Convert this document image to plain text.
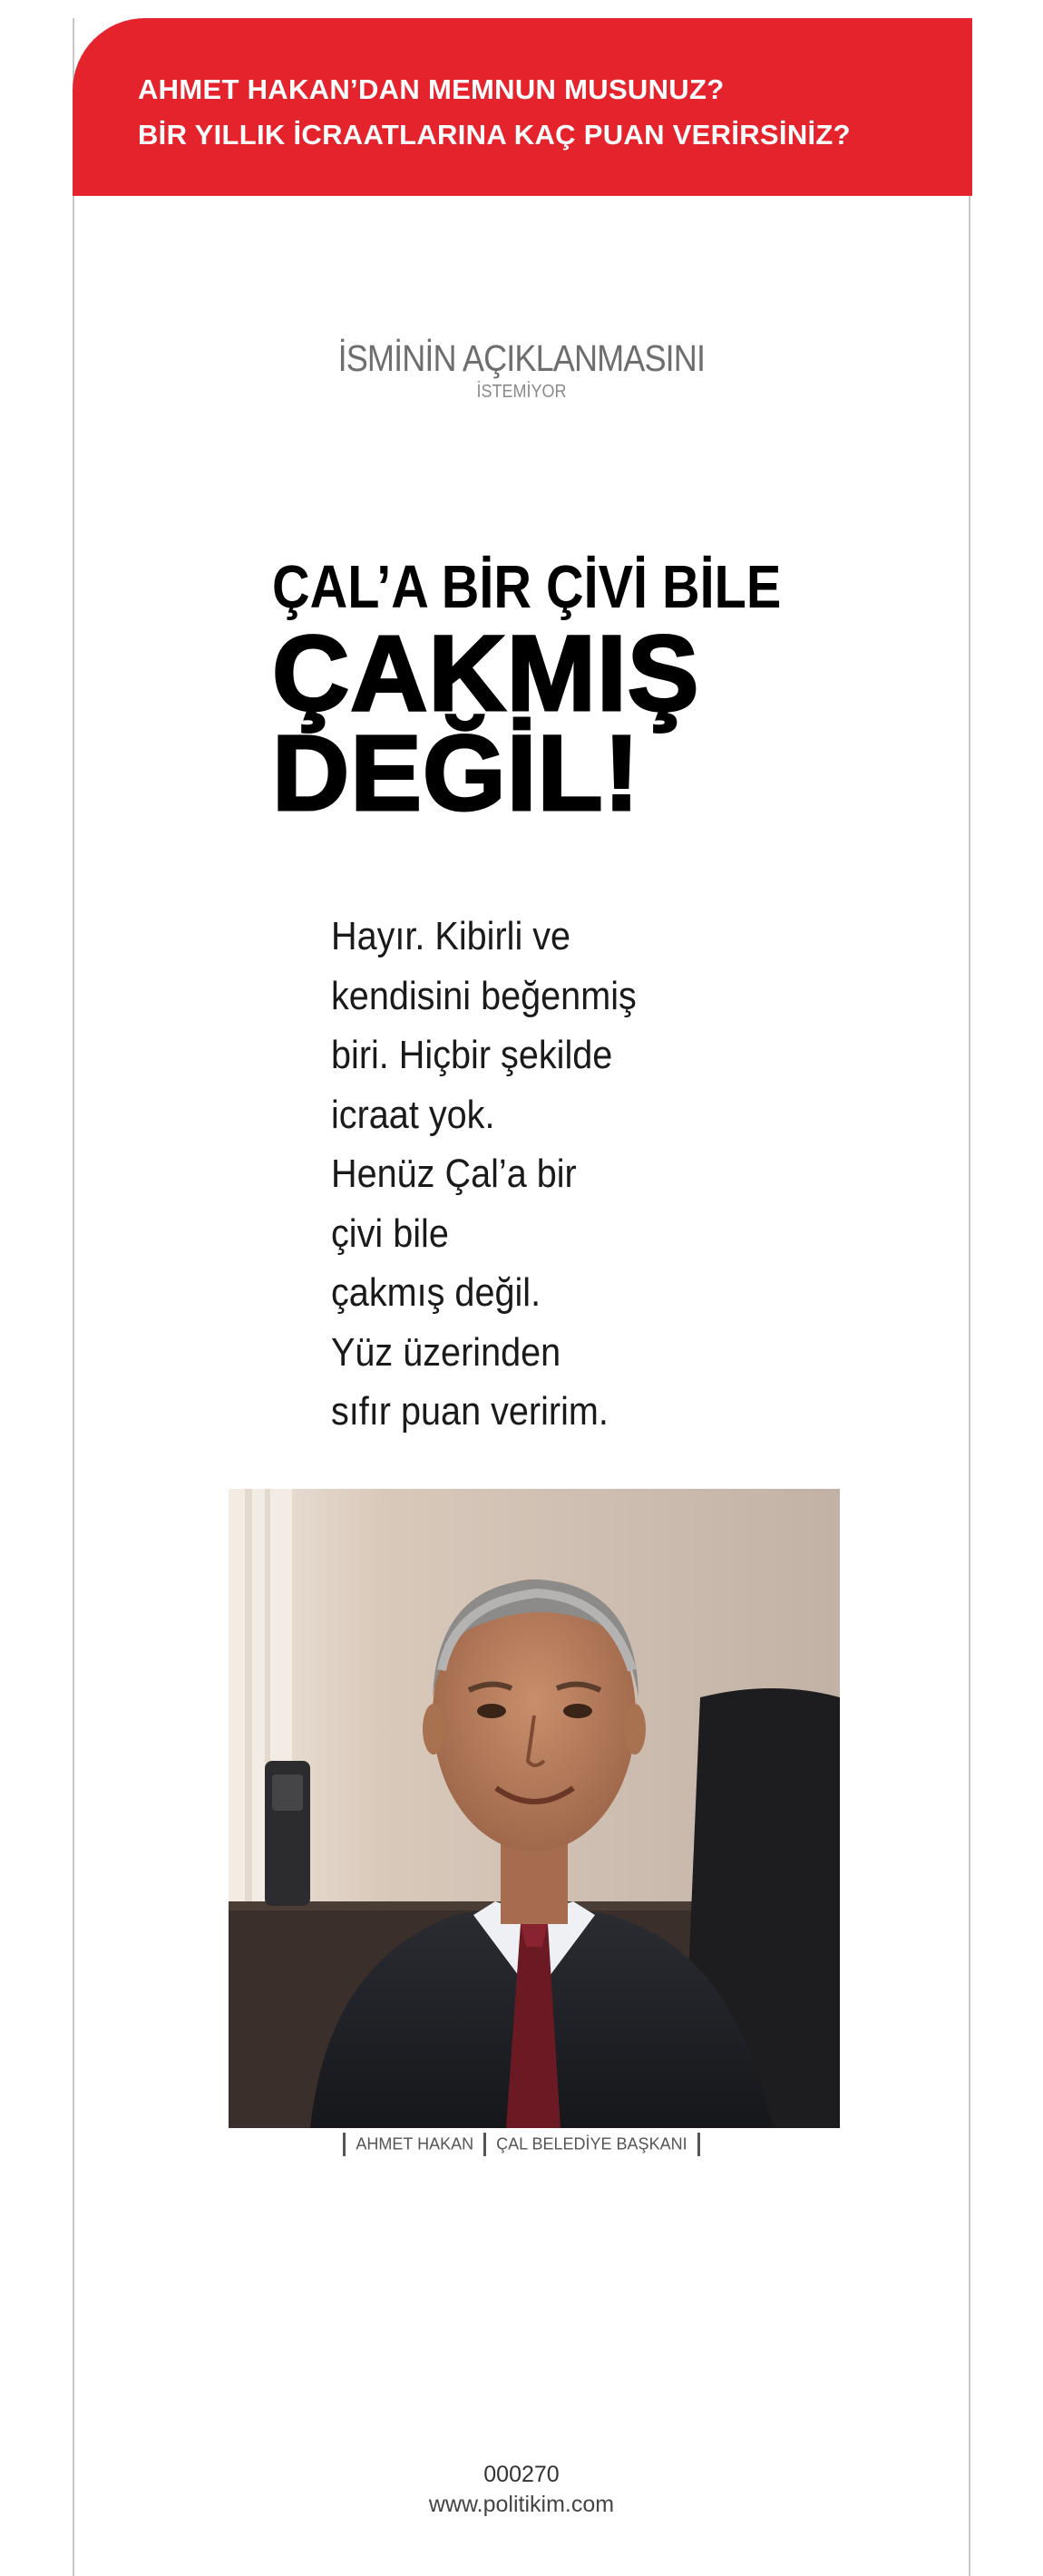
AHMET HAKAN’DAN MEMNUN MUSUNUZ?
BİR YILLIK İCRAATLARINA KAÇ PUAN VERİRSİNİZ?
İSMİNİN AÇIKLANMASINI
İSTEMİYOR
ÇAL’A BİR ÇİVİ BİLE
ÇAKMIŞ
DEĞİL!
Hayır. Kibirli ve
kendisini beğenmiş
biri. Hiçbir şekilde
icraat yok.
Henüz Çal’a bir
çivi bile
çakmış değil.
Yüz üzerinden
sıfır puan veririm.
AHMET HAKAN ÇAL BELEDİYE BAŞKANI
000270
www.politikim.com
